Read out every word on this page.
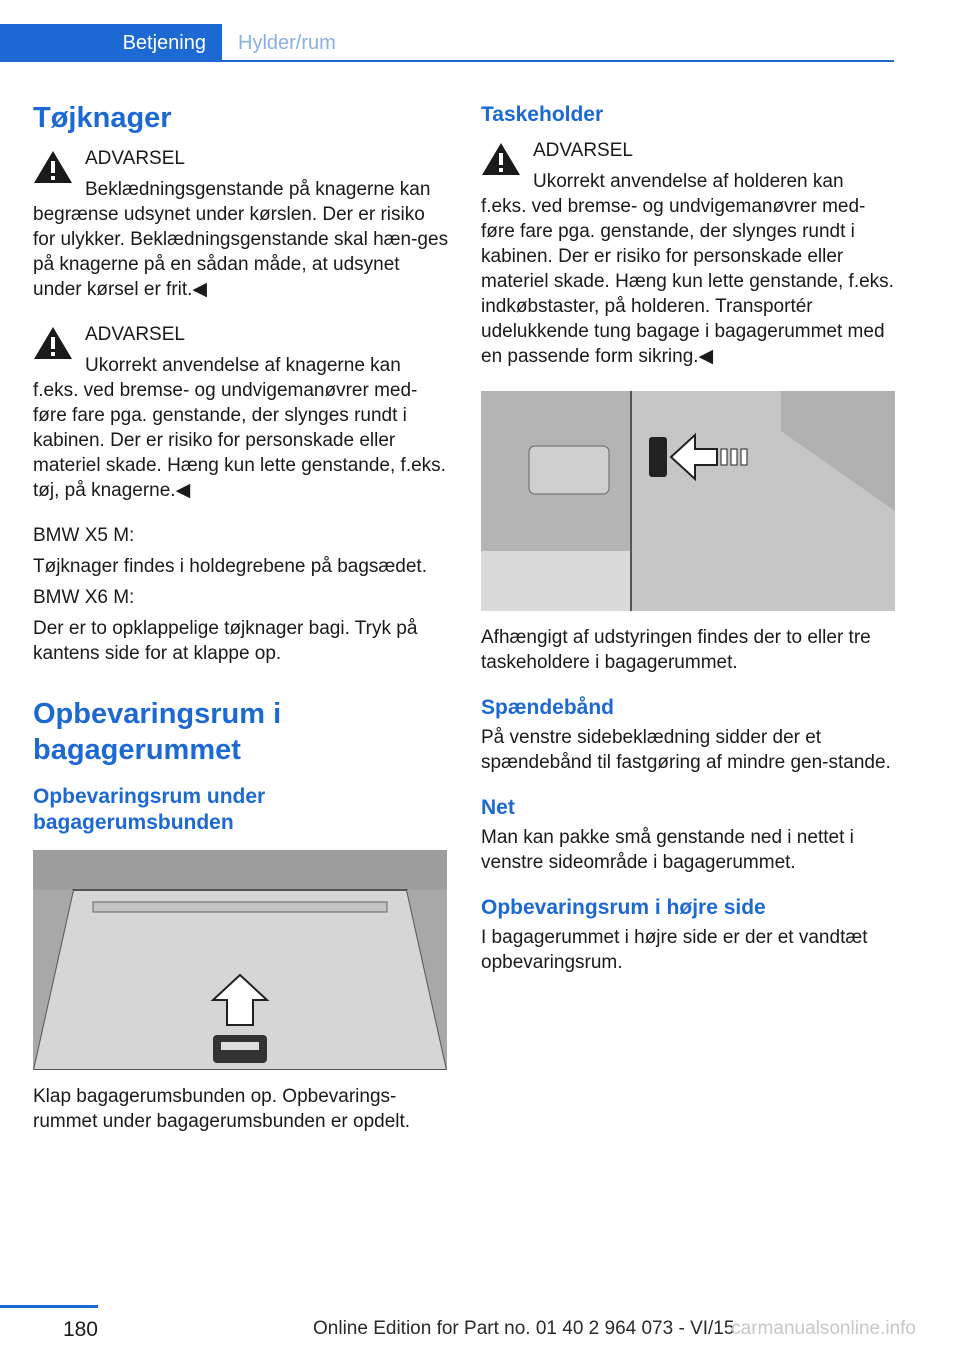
Betjening	Hylder/rum
Tøjknager
ADVARSEL

Beklædningsgenstande på knagerne kan

begrænse udsynet under kørslen. Der er risiko for ulykker. Beklædningsgenstande skal hæn‐ges på knagerne på en sådan måde, at udsynet under kørsel er frit.◀

ADVARSEL

Ukorrekt anvendelse af knagerne kan

f.eks. ved bremse- og undvigemanøvrer med‐føre fare pga. genstande, der slynges rundt i kabinen. Der er risiko for personskade eller materiel skade. Hæng kun lette genstande, f.eks. tøj, på knagerne.◀

BMW X5 M:

Tøjknager findes i holdegrebene på bagsædet.

BMW X6 M:

Der er to opklappelige tøjknager bagi. Tryk på kantens side for at klappe op.

Opbevaringsrum i bagagerummet
Opbevaringsrum under bagagerumsbunden

Klap bagagerumsbunden op. Opbevarings‐rummet under bagagerumsbunden er opdelt.

Taskeholder
ADVARSEL

Ukorrekt anvendelse af holderen kan

f.eks. ved bremse- og undvigemanøvrer med‐føre fare pga. genstande, der slynges rundt i kabinen. Der er risiko for personskade eller materiel skade. Hæng kun lette genstande, f.eks. indkøbstaster, på holderen. Transportér udelukkende tung bagage i bagagerummet med en passende form sikring.◀

Afhængigt af udstyringen findes der to eller tre taskeholdere i bagagerummet.

Spændebånd

På venstre sidebeklædning sidder der et spændebånd til fastgøring af mindre gen‐stande.

Net

Man kan pakke små genstande ned i nettet i venstre sideområde i bagagerummet.

Opbevaringsrum i højre side

I bagagerummet i højre side er der et vandtæt opbevaringsrum.

180	Online Edition for Part no. 01 40 2 964 073 - VI/15
carmanualsonline.info
